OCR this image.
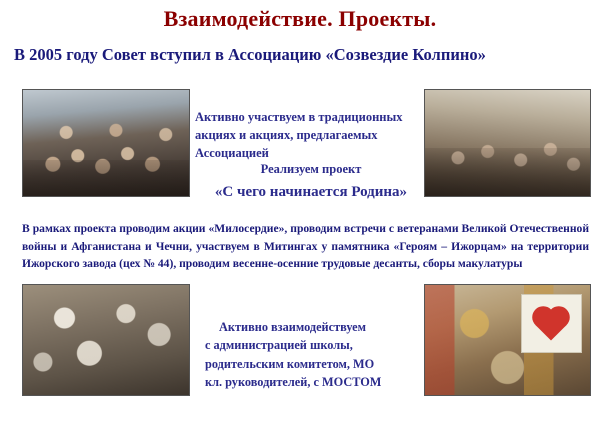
Взаимодействие. Проекты.
В 2005 году Совет вступил в Ассоциацию «Созвездие Колпино»
Активно участвуем в традиционных акциях и акциях, предлагаемых Ассоциацией
Реализуем проект
«С чего начинается Родина»

В рамках проекта проводим акции «Милосердие», проводим встречи с ветеранами Великой Отечественной войны и Афганистана и Чечни, участвуем в Митингах у памятника «Героям – Ижорцам» на территории Ижорского завода (цех № 44), проводим весенне-осенние трудовые десанты, сборы макулатуры

Активно взаимодействуем
с администрацией школы,
родительским комитетом, МО
кл. руководителей, с МОСТОМ
